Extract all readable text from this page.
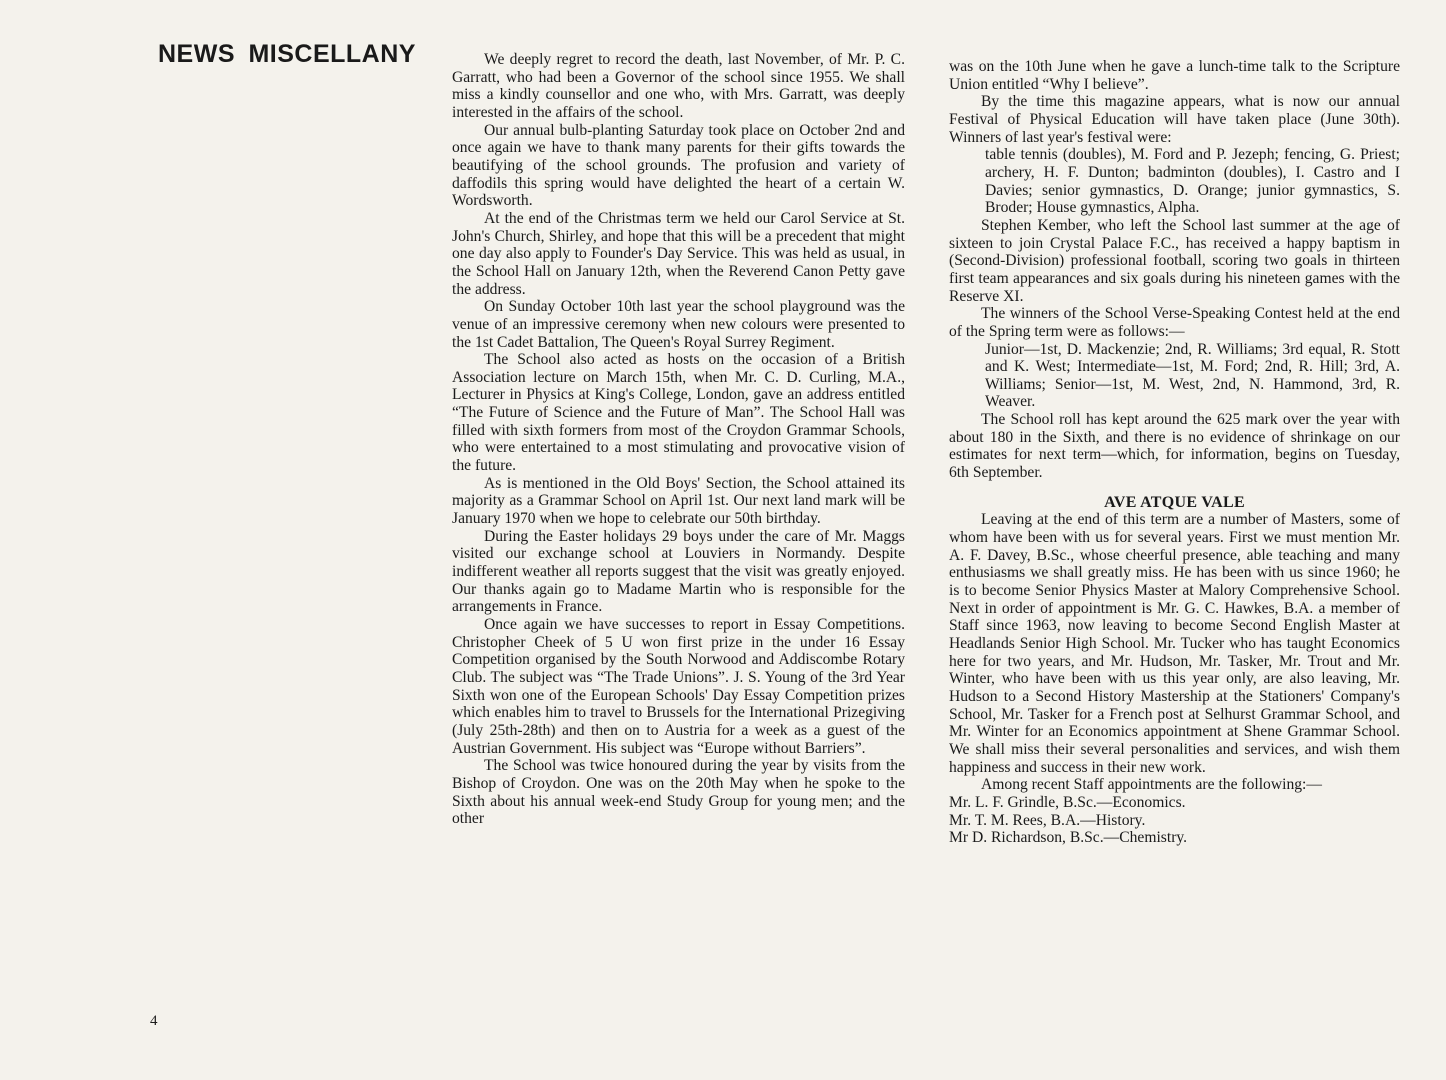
NEWS MISCELLANY
4

We deeply regret to record the death, last November, of Mr. P. C. Garratt, who had been a Governor of the school since 1955. We shall miss a kindly counsellor and one who, with Mrs. Garratt, was deeply interested in the affairs of the school.

Our annual bulb-planting Saturday took place on October 2nd and once again we have to thank many parents for their gifts towards the beautifying of the school grounds. The profusion and variety of daffodils this spring would have delighted the heart of a certain W. Wordsworth.

At the end of the Christmas term we held our Carol Service at St. John's Church, Shirley, and hope that this will be a precedent that might one day also apply to Founder's Day Service. This was held as usual, in the School Hall on January 12th, when the Reverend Canon Petty gave the address.

On Sunday October 10th last year the school playground was the venue of an impressive ceremony when new colours were presented to the 1st Cadet Battalion, The Queen's Royal Surrey Regiment.

The School also acted as hosts on the occasion of a British Association lecture on March 15th, when Mr. C. D. Curling, M.A., Lecturer in Physics at King's College, London, gave an address entitled “The Future of Science and the Future of Man”. The School Hall was filled with sixth formers from most of the Croydon Grammar Schools, who were entertained to a most stimulating and provocative vision of the future.

As is mentioned in the Old Boys' Section, the School attained its majority as a Grammar School on April 1st. Our next land mark will be January 1970 when we hope to celebrate our 50th birthday.

During the Easter holidays 29 boys under the care of Mr. Maggs visited our exchange school at Louviers in Normandy. Despite indifferent weather all reports suggest that the visit was greatly enjoyed. Our thanks again go to Madame Martin who is responsible for the arrangements in France.

Once again we have successes to report in Essay Competitions. Christopher Cheek of 5 U won first prize in the under 16 Essay Competition organised by the South Norwood and Addiscombe Rotary Club. The subject was “The Trade Unions”. J. S. Young of the 3rd Year Sixth won one of the European Schools' Day Essay Competition prizes which enables him to travel to Brussels for the International Prizegiving (July 25th-28th) and then on to Austria for a week as a guest of the Austrian Government. His subject was “Europe without Barriers”.

The School was twice honoured during the year by visits from the Bishop of Croydon. One was on the 20th May when he spoke to the Sixth about his annual week-end Study Group for young men; and the other

was on the 10th June when he gave a lunch-time talk to the Scripture Union entitled “Why I believe”.

By the time this magazine appears, what is now our annual Festival of Physical Education will have taken place (June 30th). Winners of last year's festival were:

table tennis (doubles), M. Ford and P. Jezeph; fencing, G. Priest; archery, H. F. Dunton; badminton (doubles), I. Castro and I Davies; senior gymnastics, D. Orange; junior gymnastics, S. Broder; House gymnastics, Alpha.

Stephen Kember, who left the School last summer at the age of sixteen to join Crystal Palace F.C., has received a happy baptism in (Second-Division) professional football, scoring two goals in thirteen first team appearances and six goals during his nineteen games with the Reserve XI.

The winners of the School Verse-Speaking Contest held at the end of the Spring term were as follows:—

Junior—1st, D. Mackenzie; 2nd, R. Williams; 3rd equal, R. Stott and K. West; Intermediate—1st, M. Ford; 2nd, R. Hill; 3rd, A. Williams; Senior—1st, M. West, 2nd, N. Hammond, 3rd, R. Weaver.

The School roll has kept around the 625 mark over the year with about 180 in the Sixth, and there is no evidence of shrinkage on our estimates for next term—which, for information, begins on Tuesday, 6th September.

AVE ATQUE VALE

Leaving at the end of this term are a number of Masters, some of whom have been with us for several years. First we must mention Mr. A. F. Davey, B.Sc., whose cheerful presence, able teaching and many enthusiasms we shall greatly miss. He has been with us since 1960; he is to become Senior Physics Master at Malory Comprehensive School. Next in order of appointment is Mr. G. C. Hawkes, B.A. a member of Staff since 1963, now leaving to become Second English Master at Headlands Senior High School. Mr. Tucker who has taught Economics here for two years, and Mr. Hudson, Mr. Tasker, Mr. Trout and Mr. Winter, who have been with us this year only, are also leaving, Mr. Hudson to a Second History Mastership at the Stationers' Company's School, Mr. Tasker for a French post at Selhurst Grammar School, and Mr. Winter for an Economics appointment at Shene Grammar School. We shall miss their several personalities and services, and wish them happiness and success in their new work.

Among recent Staff appointments are the following:—

Mr. L. F. Grindle, B.Sc.—Economics.

Mr. T. M. Rees, B.A.—History.

Mr D. Richardson, B.Sc.—Chemistry.
